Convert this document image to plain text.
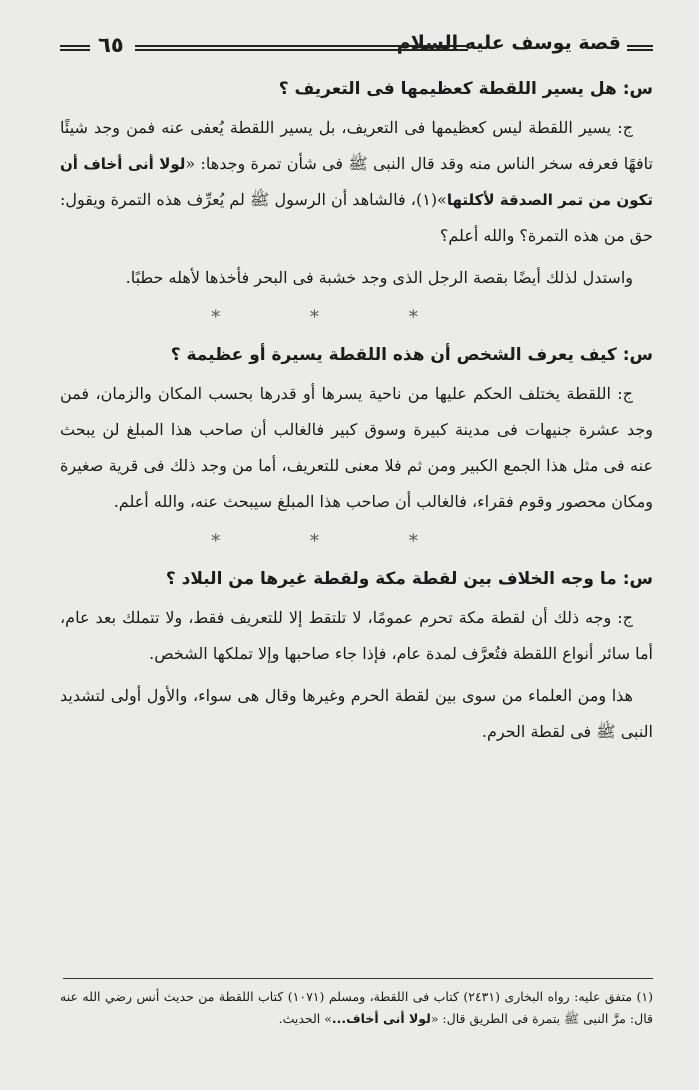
قصة يوسف عليه السلام
٦٥
س: هل يسير اللقطة كعظيمها فى التعريف ؟

ج: يسير اللقطة ليس كعظيمها فى التعريف، بل يسير اللقطة يُعفى عنه فمن وجد شيئًا تافهًا فعرفه سخر الناس منه وقد قال النبى ﷺ فى شأن تمرة وجدها: «لولا أنى أخاف أن تكون من تمر الصدقة لأكلتها»(١)، فالشاهد أن الرسول ﷺ لم يُعرِّف هذه التمرة ويقول: حق من هذه التمرة؟ والله أعلم؟

واستدل لذلك أيضًا بقصة الرجل الذى وجد خشبة فى البحر فأخذها لأهله حطبًا.

* * *
س: كيف يعرف الشخص أن هذه اللقطة يسيرة أو عظيمة ؟

ج: اللقطة يختلف الحكم عليها من ناحية يسرها أو قدرها بحسب المكان والزمان، فمن وجد عشرة جنيهات فى مدينة كبيرة وسوق كبير فالغالب أن صاحب هذا المبلغ لن يبحث عنه فى مثل هذا الجمع الكبير ومن ثم فلا معنى للتعريف، أما من وجد ذلك فى قرية صغيرة ومكان محصور وقوم فقراء، فالغالب أن صاحب هذا المبلغ سيبحث عنه، والله أعلم.

* * *
س: ما وجه الخلاف بين لقطة مكة ولقطة غيرها من البلاد ؟

ج: وجه ذلك أن لقطة مكة تحرم عمومًا، لا تلتقط إلا للتعريف فقط، ولا تتملك بعد عام، أما سائر أنواع اللقطة فتُعرَّف لمدة عام، فإذا جاء صاحبها وإلا تملكها الشخص.

هذا ومن العلماء من سوى بين لقطة الحرم وغيرها وقال هى سواء، والأول أولى لتشديد النبى ﷺ فى لقطة الحرم.

(١) متفق عليه: رواه البخارى (٢٤٣١) كتاب فى اللقطة، ومسلم (١٠٧١) كتاب اللقطة من حديث أنس رضي الله عنه قال: مرَّ النبى ﷺ بتمرة فى الطريق قال: «لولا أنى أخاف...» الحديث.
